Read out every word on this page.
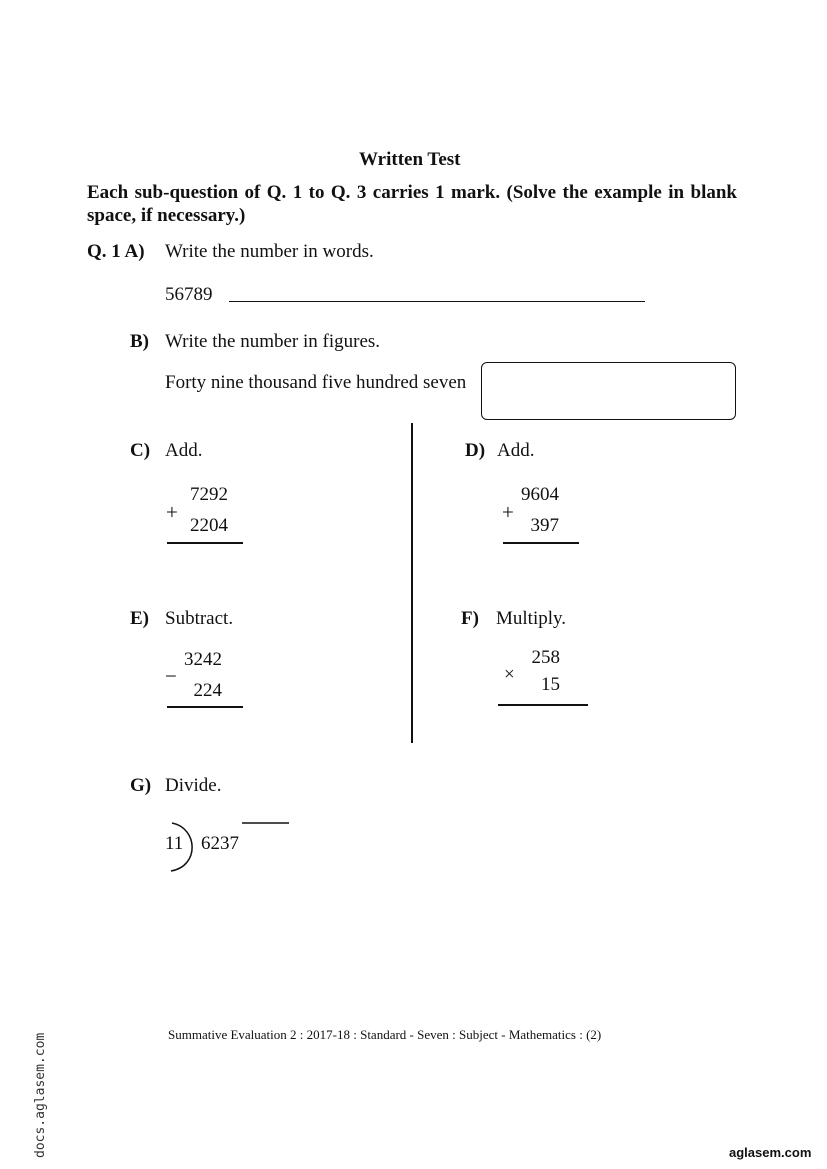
Written Test
Each sub-question of Q. 1 to Q. 3 carries 1 mark. (Solve the example in blank space, if necessary.)
Q. 1 A) Write the number in words.
56789
B) Write the number in figures.
Forty nine thousand five hundred seven
C) Add.
7292
+
2204
D) Add.
9604
+
397
E) Subtract.
3242
−
224
F) Multiply.
258
×	15
G) Divide.
11 6237
Summative Evaluation 2 : 2017-18 : Standard - Seven : Subject - Mathematics : (2)
docs.aglasem.com	aglasem.com
